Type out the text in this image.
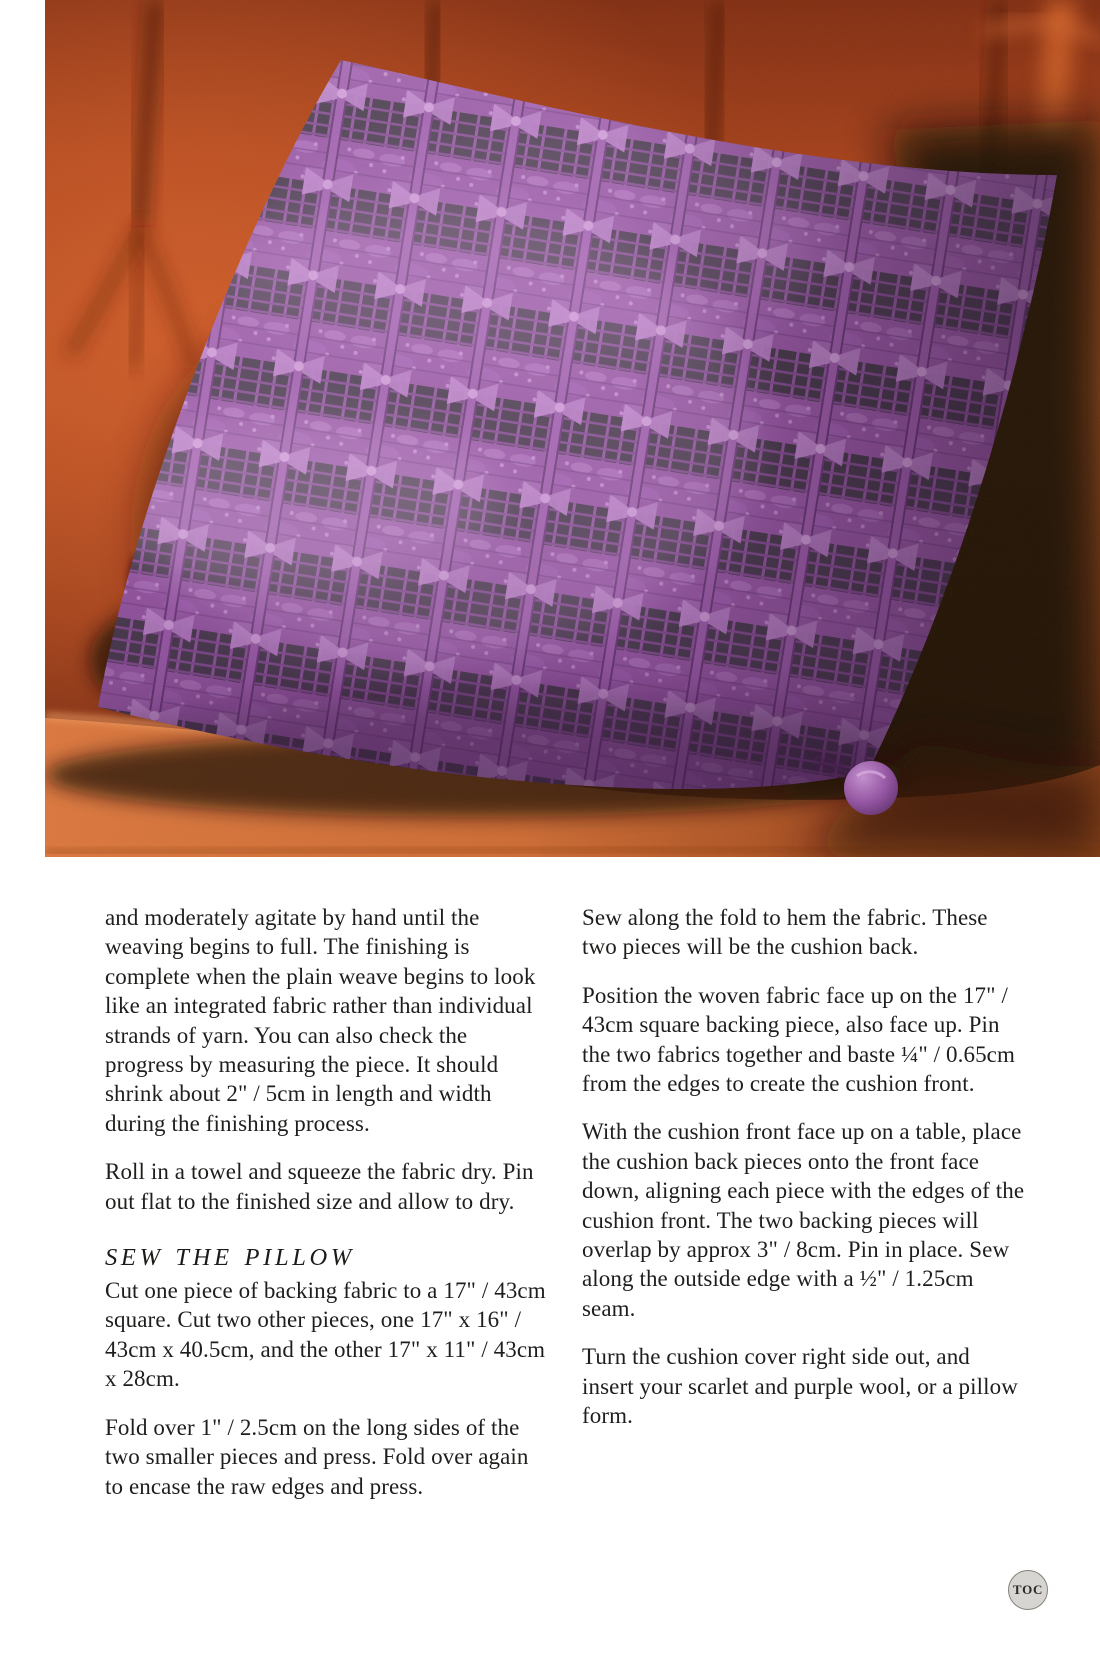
and moderately agitate by hand until the weaving begins to full. The finishing is complete when the plain weave begins to look like an integrated fabric rather than individual strands of yarn. You can also check the progress by measuring the piece. It should shrink about 2" / 5cm in length and width during the finishing process.

Roll in a towel and squeeze the fabric dry. Pin out flat to the finished size and allow to dry.

SEW THE PILLOW

Cut one piece of backing fabric to a 17" / 43cm square. Cut two other pieces, one 17" x 16" / 43cm x 40.5cm, and the other 17" x 11" / 43cm x 28cm.

Fold over 1" / 2.5cm on the long sides of the two smaller pieces and press. Fold over again to encase the raw edges and press.

Sew along the fold to hem the fabric. These two pieces will be the cushion back.

Position the woven fabric face up on the 17" / 43cm square backing piece, also face up. Pin the two fabrics together and baste ¼" / 0.65cm from the edges to create the cushion front.

With the cushion front face up on a table, place the cushion back pieces onto the front face down, aligning each piece with the edges of the cushion front. The two backing pieces will overlap by approx 3" / 8cm. Pin in place. Sew along the outside edge with a ½" / 1.25cm seam.

Turn the cushion cover right side out, and insert your scarlet and purple wool, or a pillow form.

TOC
